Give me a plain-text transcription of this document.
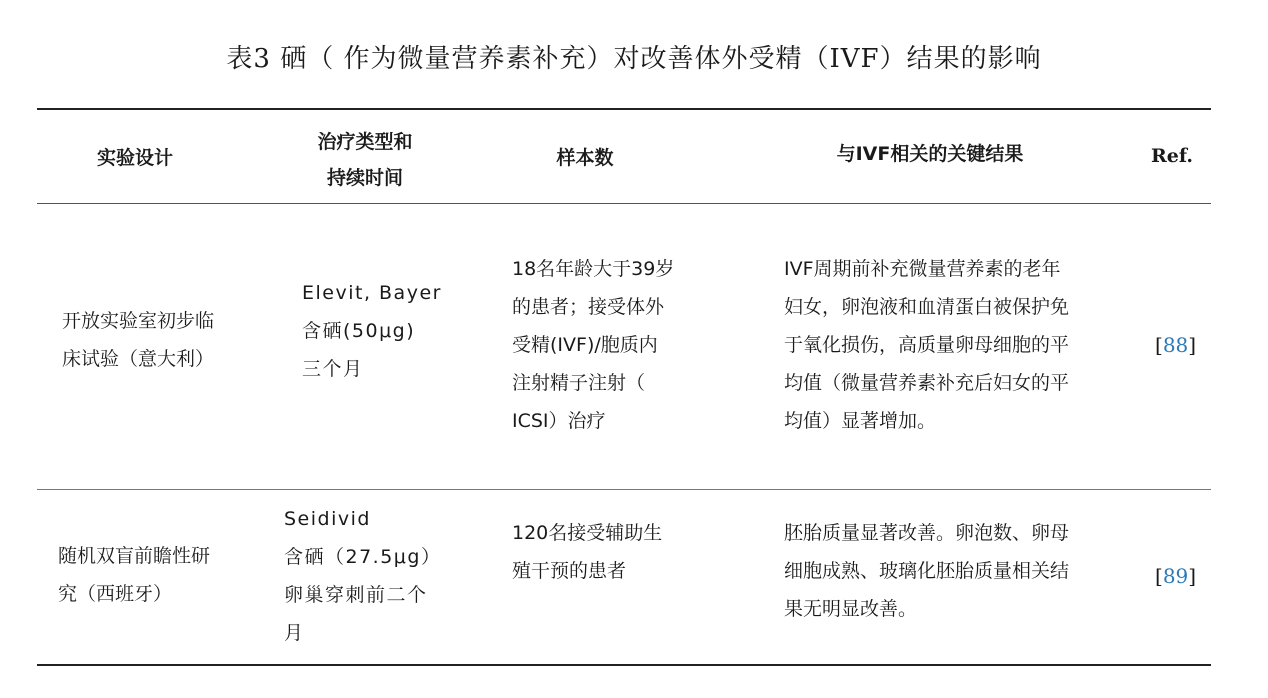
表3 硒（ 作为微量营养素补充）对改善体外受精（IVF）结果的影响
实验设计
治疗类型和
持续时间
样本数	与IVF相关的关键结果	Ref.
开放实验室初步临
床试验（意大利）
Elevit, Bayer
含硒(50μg)
三个月
18名年龄大于39岁
的患者；接受体外
受精(IVF)/胞质内
注射精子注射（
ICSI）治疗
IVF周期前补充微量营养素的老年
妇女，卵泡液和血清蛋白被保护免
于氧化损伤，高质量卵母细胞的平
均值（微量营养素补充后妇女的平
均值）显著增加。
[88]
随机双盲前瞻性研
究（西班牙）
Seidivid
含硒（27.5μg）
卵巢穿刺前二个
月
120名接受辅助生
殖干预的患者
胚胎质量显著改善。卵泡数、卵母
细胞成熟、玻璃化胚胎质量相关结
果无明显改善。
[89]
